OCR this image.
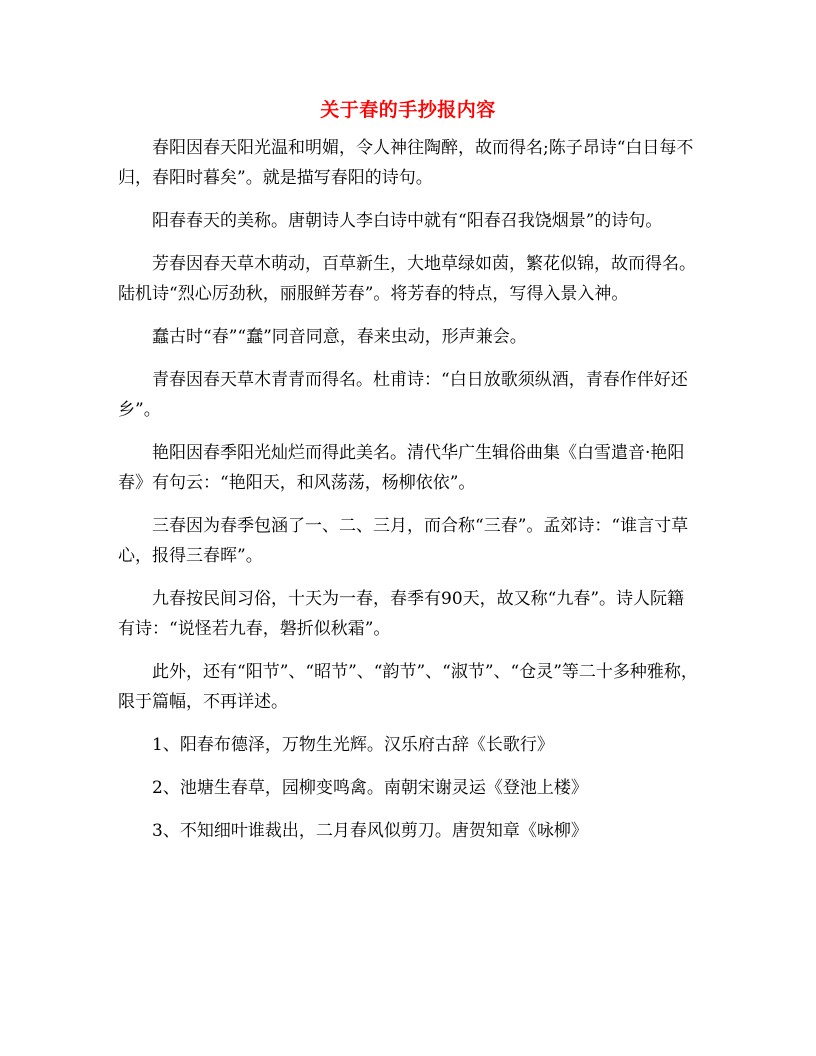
关于春的手抄报内容

春阳因春天阳光温和明媚，令人神往陶醉，故而得名;陈子昂诗“白日每不归，春阳时暮矣”。就是描写春阳的诗句。

阳春春天的美称。唐朝诗人李白诗中就有“阳春召我饶烟景”的诗句。

芳春因春天草木萌动，百草新生，大地草绿如茵，繁花似锦，故而得名。陆机诗“烈心厉劲秋，丽服鲜芳春”。将芳春的特点，写得入景入神。

蠢古时“春”“蠢”同音同意，春来虫动，形声兼会。

青春因春天草木青青而得名。杜甫诗：“白日放歌须纵酒，青春作伴好还乡”。

艳阳因春季阳光灿烂而得此美名。清代华广生辑俗曲集《白雪遣音·艳阳春》有句云：“艳阳天，和风荡荡，杨柳依依”。

三春因为春季包涵了一、二、三月，而合称“三春”。孟郊诗：“谁言寸草心，报得三春晖”。

九春按民间习俗，十天为一春，春季有90天，故又称“九春”。诗人阮籍有诗：“说怪若九春，磐折似秋霜”。

此外，还有“阳节”、“昭节”、“韵节”、“淑节”、“仓灵”等二十多种雅称，限于篇幅，不再详述。

1、阳春布德泽，万物生光辉。汉乐府古辞《长歌行》

2、池塘生春草，园柳变鸣禽。南朝宋谢灵运《登池上楼》

3、不知细叶谁裁出，二月春风似剪刀。唐贺知章《咏柳》
